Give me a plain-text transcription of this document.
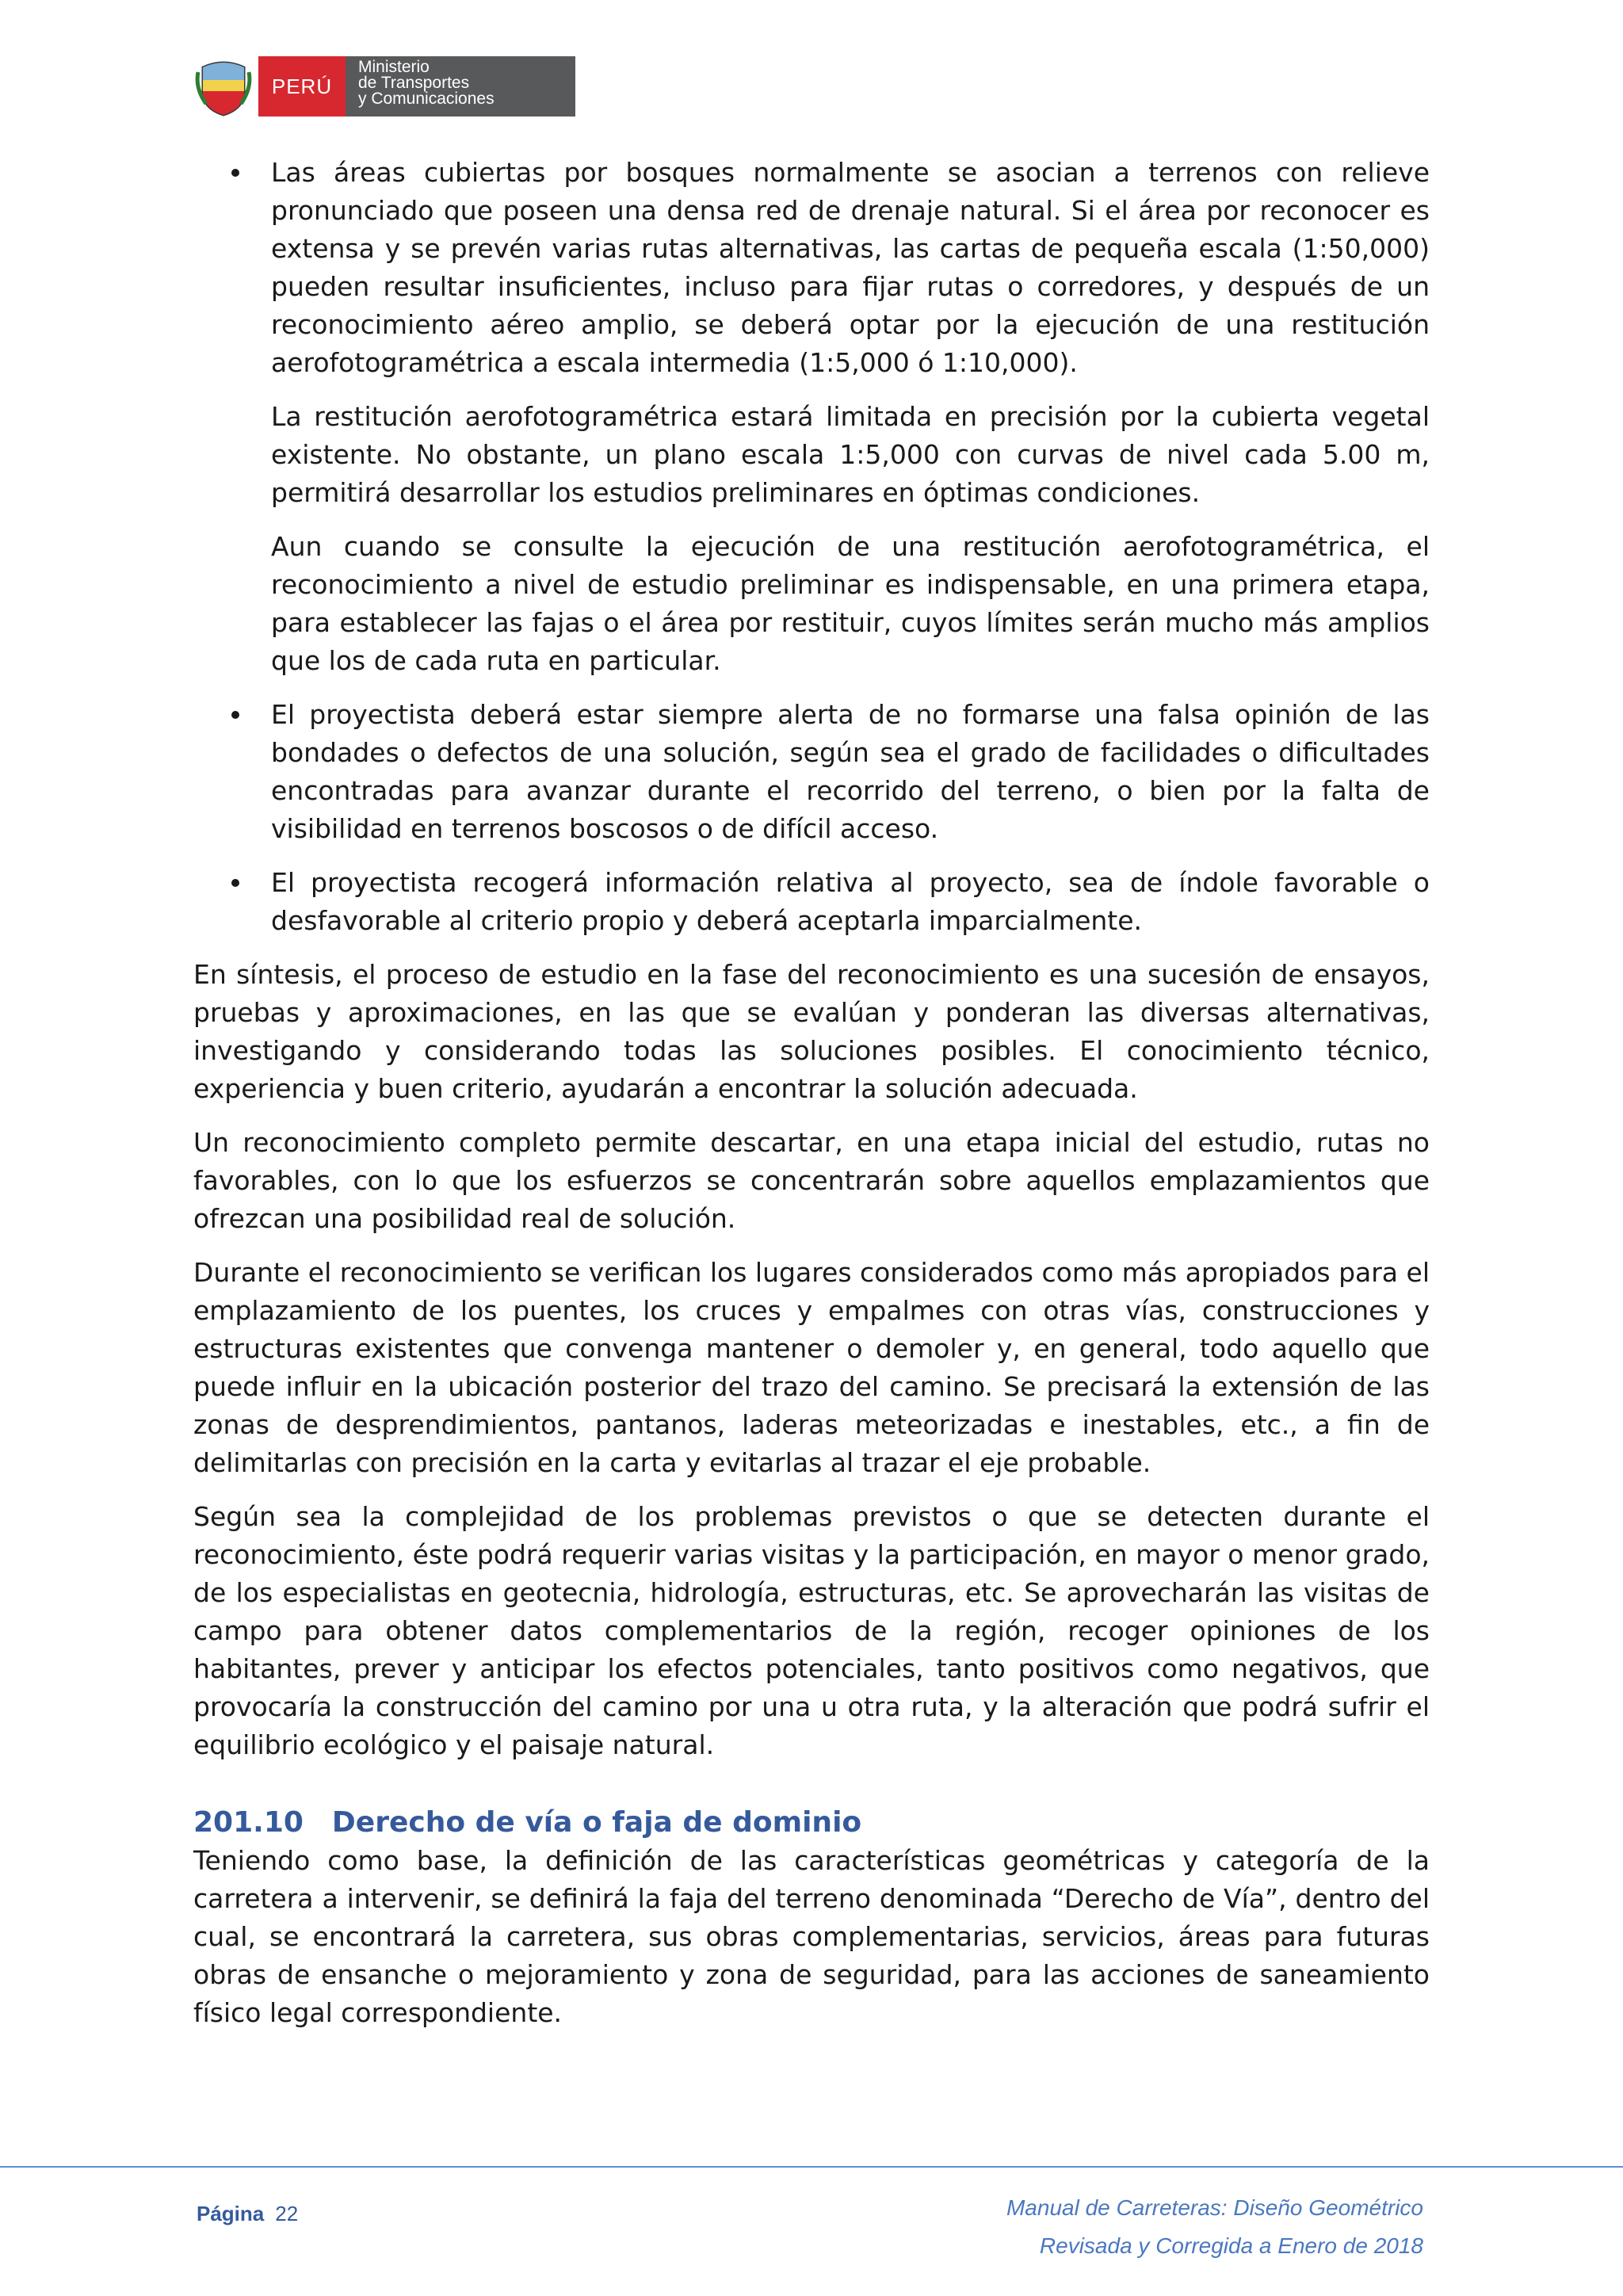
PERÚ
Ministerio
de Transportes
y Comunicaciones

Las áreas cubiertas por bosques normalmente se asocian a terrenos con relieve pronunciado que poseen una densa red de drenaje natural. Si el área por reconocer es extensa y se prevén varias rutas alternativas, las cartas de pequeña escala (1:50,000) pueden resultar insuficientes, incluso para fijar rutas o corredores, y después de un reconocimiento aéreo amplio, se deberá optar por la ejecución de una restitución aerofotogramétrica a escala intermedia (1:5,000 ó 1:10,000).

La restitución aerofotogramétrica estará limitada en precisión por la cubierta vegetal existente. No obstante, un plano escala 1:5,000 con curvas de nivel cada 5.00 m, permitirá desarrollar los estudios preliminares en óptimas condiciones.

Aun cuando se consulte la ejecución de una restitución aerofotogramétrica, el reconocimiento a nivel de estudio preliminar es indispensable, en una primera etapa, para establecer las fajas o el área por restituir, cuyos límites serán mucho más amplios que los de cada ruta en particular.

El proyectista deberá estar siempre alerta de no formarse una falsa opinión de las bondades o defectos de una solución, según sea el grado de facilidades o dificultades encontradas para avanzar durante el recorrido del terreno, o bien por la falta de visibilidad en terrenos boscosos o de difícil acceso.

El proyectista recogerá información relativa al proyecto, sea de índole favorable o desfavorable al criterio propio y deberá aceptarla imparcialmente.

En síntesis, el proceso de estudio en la fase del reconocimiento es una sucesión de ensayos, pruebas y aproximaciones, en las que se evalúan y ponderan las diversas alternativas, investigando y considerando todas las soluciones posibles. El conocimiento técnico, experiencia y buen criterio, ayudarán a encontrar la solución adecuada.

Un reconocimiento completo permite descartar, en una etapa inicial del estudio, rutas no favorables, con lo que los esfuerzos se concentrarán sobre aquellos emplazamientos que ofrezcan una posibilidad real de solución.

Durante el reconocimiento se verifican los lugares considerados como más apropiados para el emplazamiento de los puentes, los cruces y empalmes con otras vías, construcciones y estructuras existentes que convenga mantener o demoler y, en general, todo aquello que puede influir en la ubicación posterior del trazo del camino. Se precisará la extensión de las zonas de desprendimientos, pantanos, laderas meteorizadas e inestables, etc., a fin de delimitarlas con precisión en la carta y evitarlas al trazar el eje probable.

Según sea la complejidad de los problemas previstos o que se detecten durante el reconocimiento, éste podrá requerir varias visitas y la participación, en mayor o menor grado, de los especialistas en geotecnia, hidrología, estructuras, etc. Se aprovecharán las visitas de campo para obtener datos complementarios de la región, recoger opiniones de los habitantes, prever y anticipar los efectos potenciales, tanto positivos como negativos, que provocaría la construcción del camino por una u otra ruta, y la alteración que podrá sufrir el equilibrio ecológico y el paisaje natural.

201.10 Derecho de vía o faja de dominio

Teniendo como base, la definición de las características geométricas y categoría de la carretera a intervenir, se definirá la faja del terreno denominada “Derecho de Vía”, dentro del cual, se encontrará la carretera, sus obras complementarias, servicios, áreas para futuras obras de ensanche o mejoramiento y zona de seguridad, para las acciones de saneamiento físico legal correspondiente.

Página 22	Manual de Carreteras: Diseño Geométrico
Revisada y Corregida a Enero de 2018
